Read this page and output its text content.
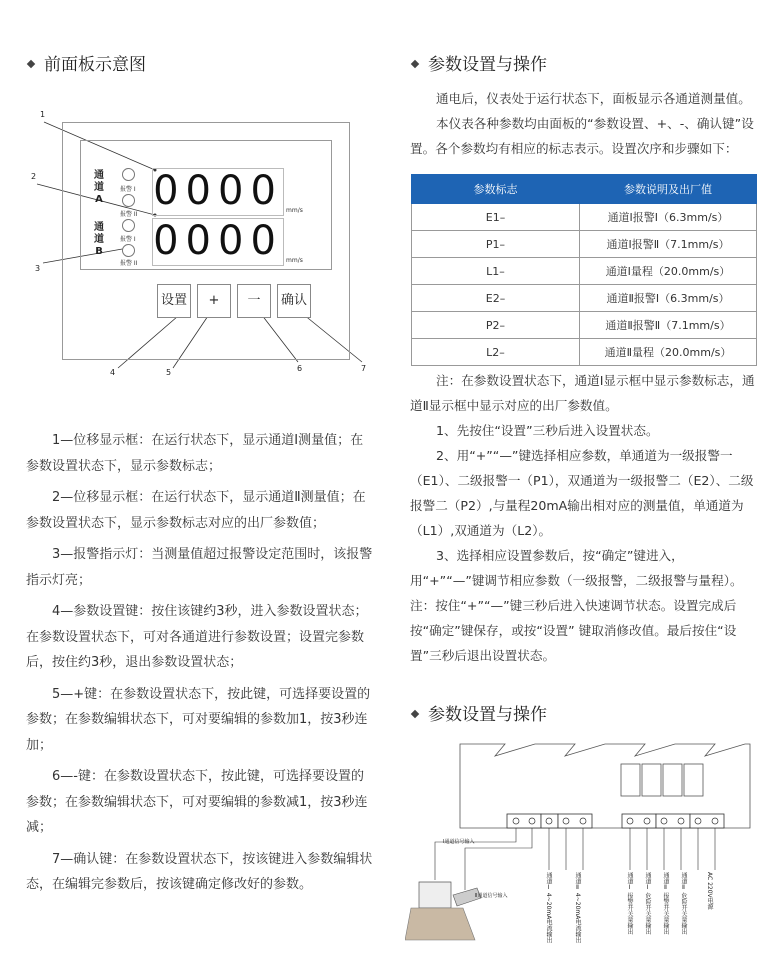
前面板示意图
1
2
3
4	5	6	7
通
道
A
报警 I
报警 II
0000 mm/s
通
道
B
报警 I
报警 II 0000 mm/s
设置	+	一	确认

1—位移显示框：在运行状态下，显示通道Ⅰ测量值；在参数设置状态下，显示参数标志；

2—位移显示框：在运行状态下，显示通道Ⅱ测量值；在参数设置状态下，显示参数标志对应的出厂参数值；

3—报警指示灯：当测量值超过报警设定范围时，该报警指示灯亮；

4—参数设置键：按住该键约3秒，进入参数设置状态；在参数设置状态下，可对各通道进行参数设置；设置完参数后，按住约3秒，退出参数设置状态；

5—+键：在参数设置状态下，按此键，可选择要设置的参数；在参数编辑状态下，可对要编辑的参数加1，按3秒连加；

6—-键：在参数设置状态下，按此键，可选择要设置的参数；在参数编辑状态下，可对要编辑的参数减1，按3秒连减；

7—确认键：在参数设置状态下，按该键进入参数编辑状态，在编辑完参数后，按该键确定修改好的参数。

参数设置与操作

通电后，仪表处于运行状态下，面板显示各通道测量值。

本仪表各种参数均由面板的“参数设置、+、-、确认键”设置。各个参数均有相应的标志表示。设置次序和步骤如下：

参数标志	参数说明及出厂值
E1–	通道Ⅰ报警Ⅰ（6.3mm/s）
P1–	通道Ⅰ报警Ⅱ（7.1mm/s）
L1–	通道Ⅰ量程（20.0mm/s）
E2–	通道Ⅱ报警Ⅰ（6.3mm/s）
P2–	通道Ⅱ报警Ⅱ（7.1mm/s）
L2–	通道Ⅱ量程（20.0mm/s）

注：在参数设置状态下，通道Ⅰ显示框中显示参数标志，通道Ⅱ显示框中显示对应的出厂参数值。

1、先按住“设置”三秒后进入设置状态。

2、用“+”“—”键选择相应参数，单通道为一级报警一（E1）、二级报警一（P1），双通道为一级报警二（E2）、二级报警二（P2）,与量程20mA输出相对应的测量值，单通道为（L1）,双通道为（L2）。

3、选择相应设置参数后，按“确定”键进入，用“+”“—”键调节相应参数（一级报警，二级报警与量程）。注：按住“+”“—”键三秒后进入快速调节状态。设置完成后按“确定”键保存，或按“设置” 键取消修改值。最后按住“设置”三秒后退出设置状态。

参数设置与操作
Ⅰ通道信号输入
Ⅱ通道信号输入	通道Ⅰ 4~20mA电流输出	通道Ⅱ 4~20mA电流输出	通道Ⅰ 报警开关量输出 通道Ⅰ 危险开关量输出 通道Ⅱ 报警开关量输出 通道Ⅱ 危险开关量输出	AC 220V电源
